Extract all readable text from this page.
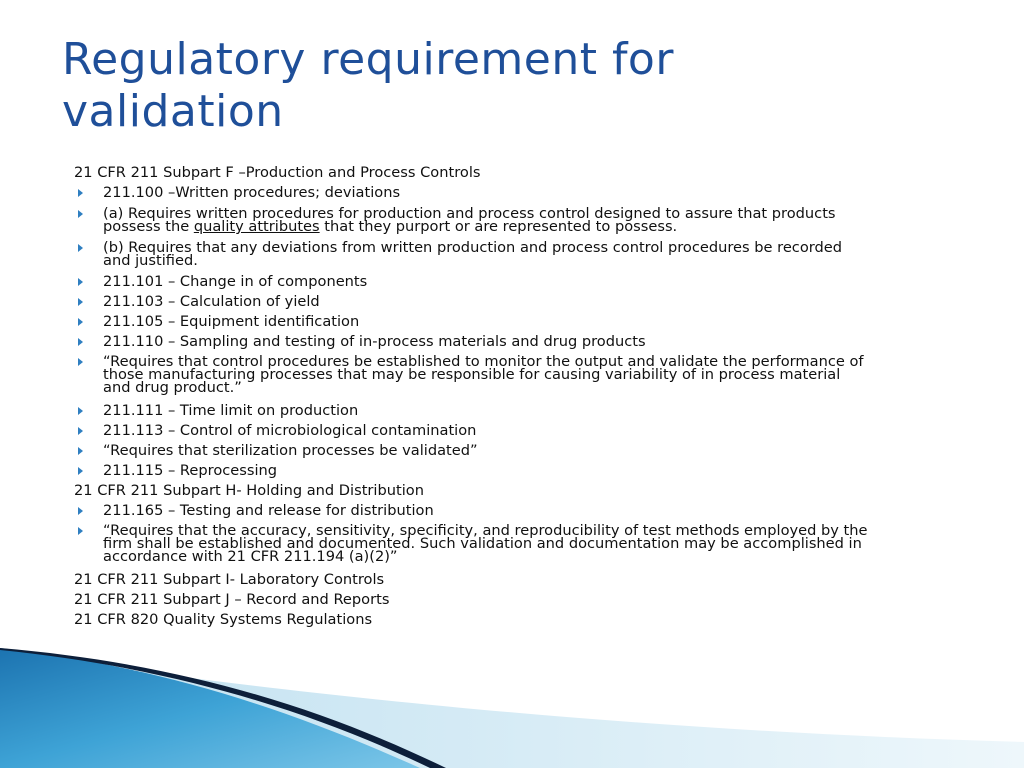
Regulatory requirement for
validation
21 CFR 211 Subpart F –Production and Process Controls
211.100 –Written procedures; deviations
(a) Requires written procedures for production and process control designed to assure that products
possess the quality attributes that they purport or are represented to possess.
(b) Requires that any deviations from written production and process control procedures be recorded
and justified.
211.101 – Change in of components
211.103 – Calculation of yield
211.105 – Equipment identification
211.110 – Sampling and testing of in-process materials and drug products
“Requires that control procedures be established to monitor the output and validate the performance of
those manufacturing processes that may be responsible for causing variability of in process material
and drug product.”
211.111 – Time limit on production
211.113 – Control of microbiological contamination
“Requires that sterilization processes be validated”
211.115 – Reprocessing
21 CFR 211 Subpart H- Holding and Distribution
211.165 – Testing and release for distribution
“Requires that the accuracy, sensitivity, specificity, and reproducibility of test methods employed by the
firm shall be established and documented. Such validation and documentation may be accomplished in
accordance with 21 CFR 211.194 (a)(2)”
21 CFR 211 Subpart I- Laboratory Controls
21 CFR 211 Subpart J – Record and Reports
21 CFR 820 Quality Systems Regulations
